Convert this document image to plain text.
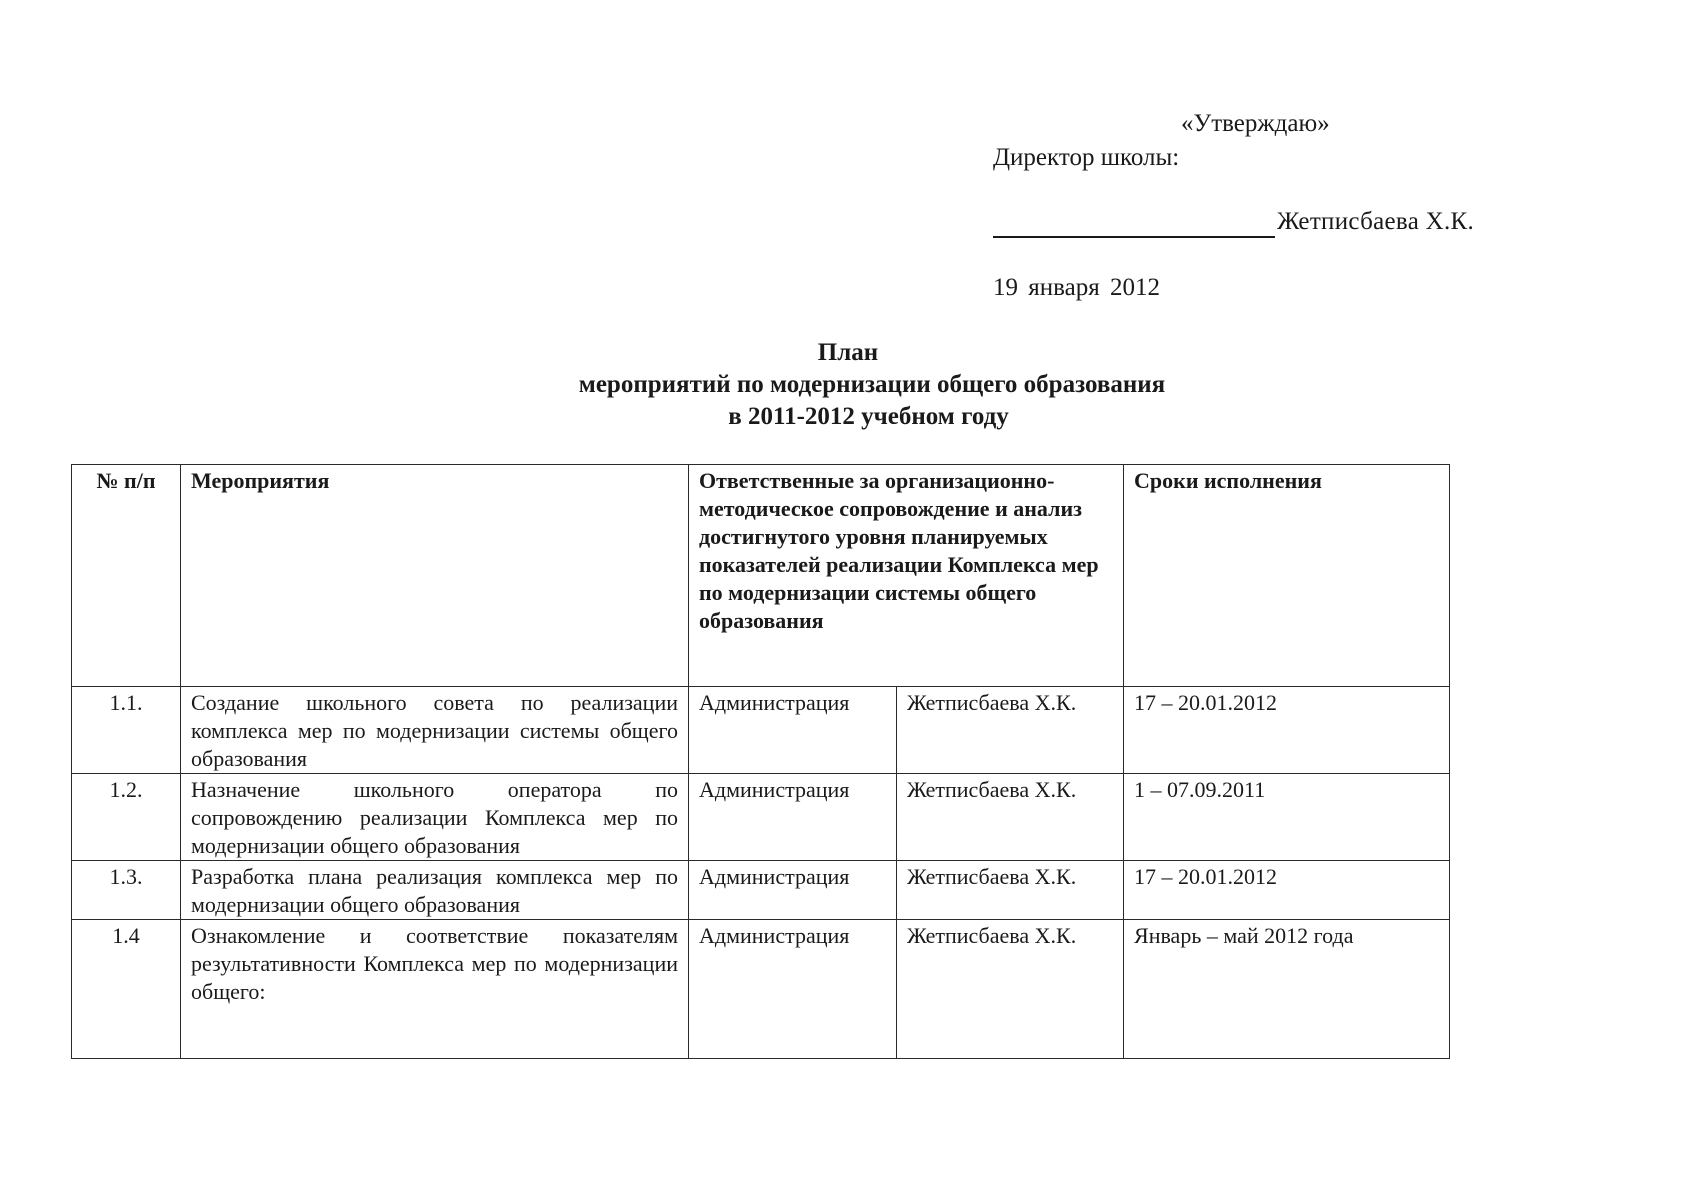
«Утверждаю»
Директор школы:
Жетписбаева Х.К.
19 января 2012
План
мероприятий по модернизации общего образования
в 2011-2012 учебном году
№ п/п	Мероприятия	Ответственные за организационно-методическое сопровождение и анализ достигнутого уровня планируемых показателей реализации Комплекса мер по модернизации системы общего образования		Сроки исполнения
1.1.	Создание школьного совета по реализации комплекса мер по модернизации системы общего образования	Администрация	Жетписбаева Х.К.	17 – 20.01.2012
1.2.	Назначение школьного оператора по сопровождению реализации Комплекса мер по модернизации общего образования	Администрация	Жетписбаева Х.К.	1 – 07.09.2011
1.3.	Разработка плана реализация комплекса мер по модернизации общего образования	Администрация	Жетписбаева Х.К.	17 – 20.01.2012
1.4	Ознакомление и соответствие показателям результативности Комплекса мер по модернизации общего:	Администрация	Жетписбаева Х.К.	Январь – май 2012 года
